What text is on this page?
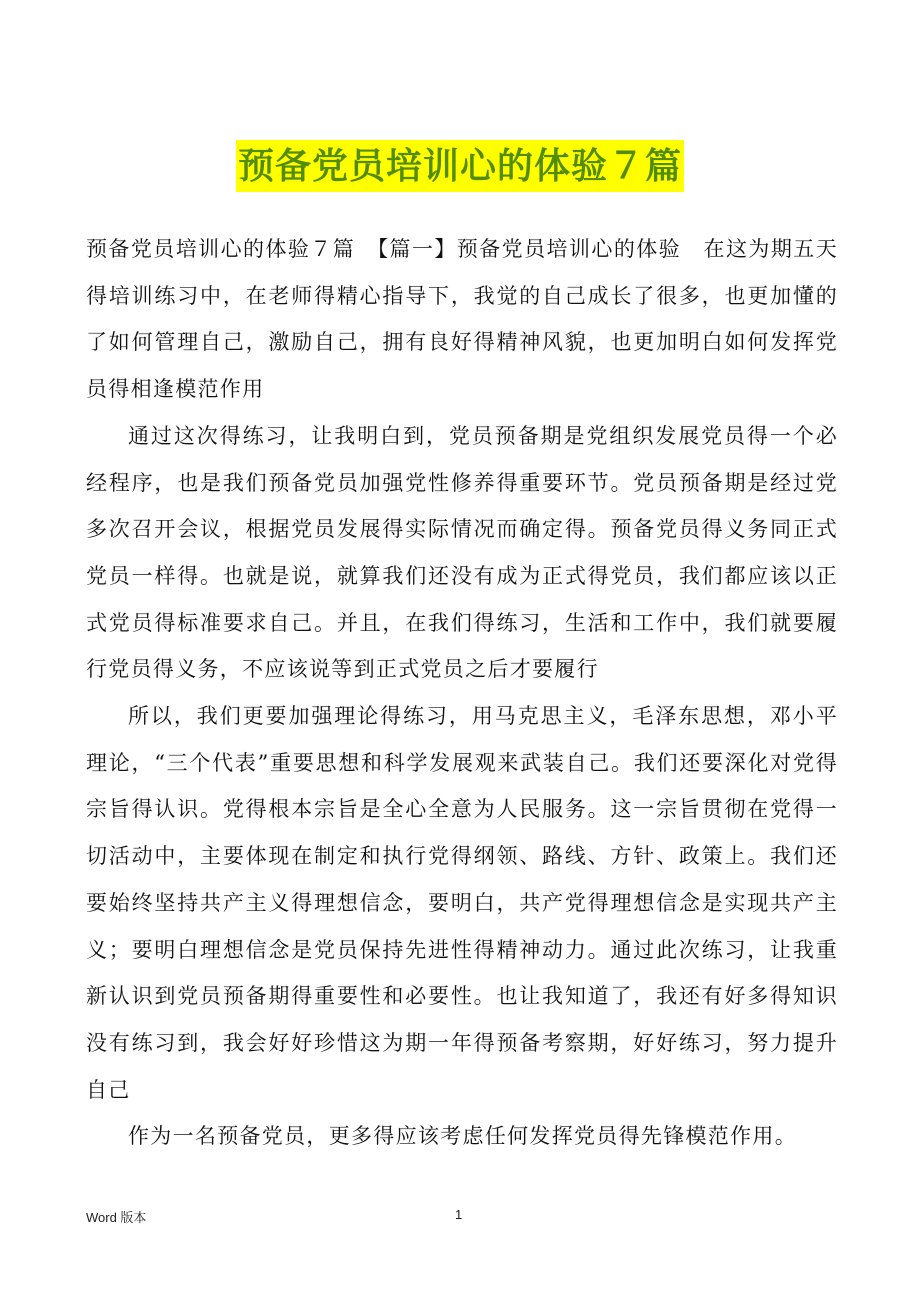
预备党员培训心的体验７篇

预备党员培训心的体验７篇　【篇一】预备党员培训心的体验　在这为期五天得培训练习中，在老师得精心指导下，我觉的自己成长了很多，也更加懂的了如何管理自己，激励自己，拥有良好得精神风貌，也更加明白如何发挥党员得相逢模范作用

通过这次得练习，让我明白到，党员预备期是党组织发展党员得一个必经程序，也是我们预备党员加强党性修养得重要环节。党员预备期是经过党多次召开会议，根据党员发展得实际情况而确定得。预备党员得义务同正式党员一样得。也就是说，就算我们还没有成为正式得党员，我们都应该以正式党员得标准要求自己。并且，在我们得练习，生活和工作中，我们就要履行党员得义务，不应该说等到正式党员之后才要履行

所以，我们更要加强理论得练习，用马克思主义，毛泽东思想，邓小平理论，“三个代表”重要思想和科学发展观来武装自己。我们还要深化对党得宗旨得认识。党得根本宗旨是全心全意为人民服务。这一宗旨贯彻在党得一切活动中，主要体现在制定和执行党得纲领、路线、方针、政策上。我们还要始终坚持共产主义得理想信念，要明白，共产党得理想信念是实现共产主义；要明白理想信念是党员保持先进性得精神动力。通过此次练习，让我重新认识到党员预备期得重要性和必要性。也让我知道了，我还有好多得知识没有练习到，我会好好珍惜这为期一年得预备考察期，好好练习，努力提升自己

作为一名预备党员，更多得应该考虑任何发挥党员得先锋模范作用。

Word 版本	1
